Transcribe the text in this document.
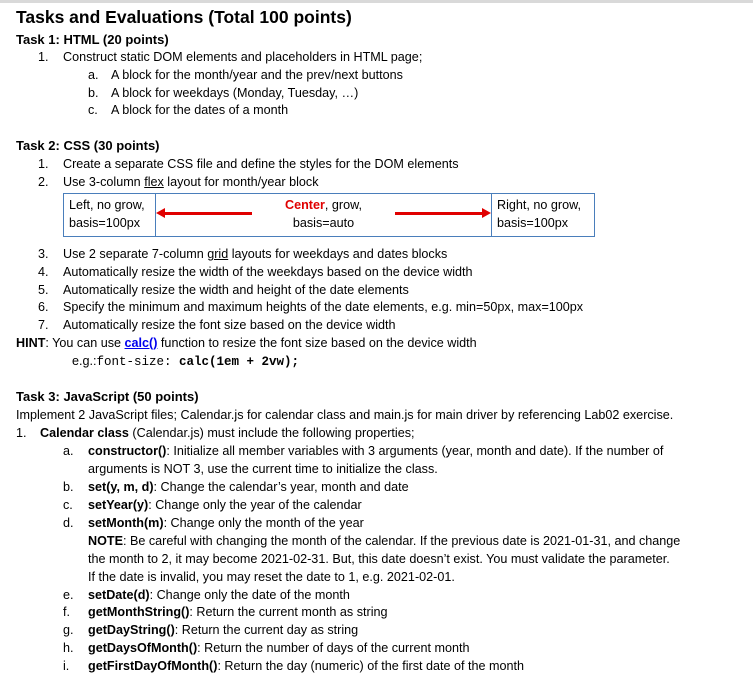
Tasks and Evaluations (Total 100 points)
Task 1: HTML (20 points)
1. Construct static DOM elements and placeholders in HTML page;
a. A block for the month/year and the prev/next buttons
b. A block for weekdays (Monday, Tuesday, …)
c. A block for the dates of a month
Task 2: CSS (30 points)
1. Create a separate CSS file and define the styles for the DOM elements
2. Use 3-column flex layout for month/year block
Left, no grow,
basis=100px
Center, grow,
basis=auto
Right, no grow,
basis=100px
3. Use 2 separate 7-column grid layouts for weekdays and dates blocks
4. Automatically resize the width of the weekdays based on the device width
5. Automatically resize the width and height of the date elements
6. Specify the minimum and maximum heights of the date elements, e.g. min=50px, max=100px
7. Automatically resize the font size based on the device width
HINT: You can use calc() function to resize the font size based on the device width
e.g.:font-size: calc(1em + 2vw);
Task 3: JavaScript (50 points)
Implement 2 JavaScript files; Calendar.js for calendar class and main.js for main driver by referencing Lab02 exercise.
1. Calendar class (Calendar.js) must include the following properties;
a. constructor(): Initialize all member variables with 3 arguments (year, month and date). If the number of
arguments is NOT 3, use the current time to initialize the class.
b. set(y, m, d): Change the calendar’s year, month and date
c. setYear(y): Change only the year of the calendar
d. setMonth(m): Change only the month of the year
NOTE: Be careful with changing the month of the calendar. If the previous date is 2021-01-31, and change
the month to 2, it may become 2021-02-31. But, this date doesn’t exist. You must validate the parameter.
If the date is invalid, you may reset the date to 1, e.g. 2021-02-01.
e. setDate(d): Change only the date of the month
f. getMonthString(): Return the current month as string
g. getDayString(): Return the current day as string
h. getDaysOfMonth(): Return the number of days of the current month
i. getFirstDayOfMonth(): Return the day (numeric) of the first date of the month
